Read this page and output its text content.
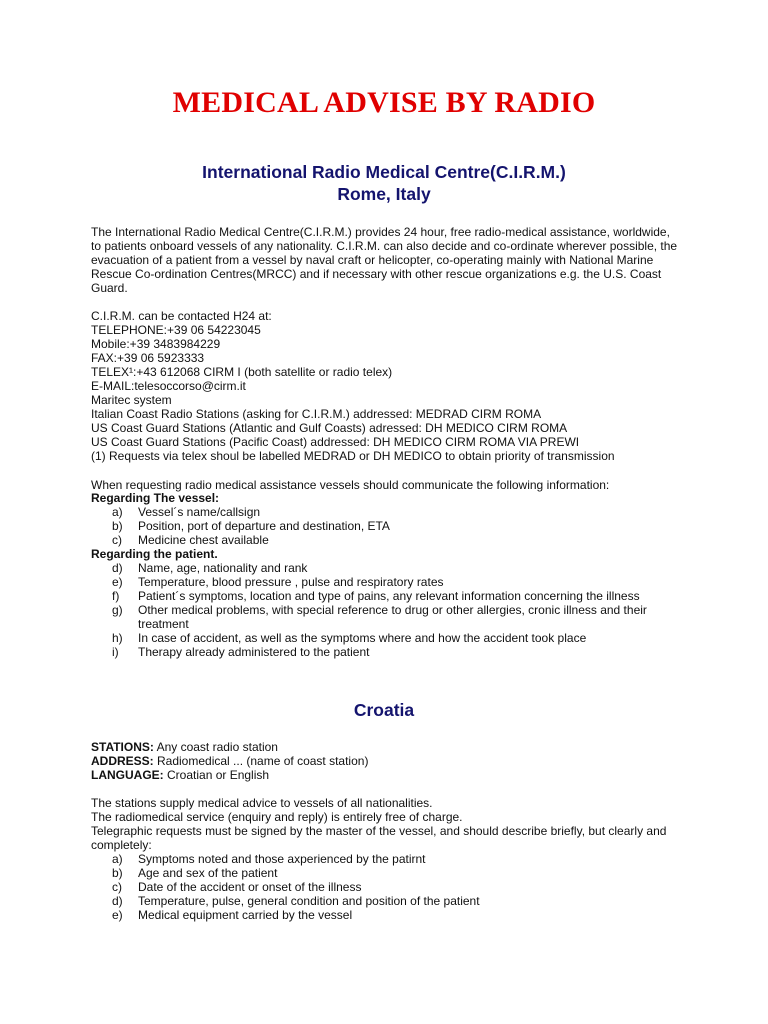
MEDICAL ADVISE BY RADIO
International Radio Medical Centre(C.I.R.M.)
Rome, Italy
The International Radio Medical Centre(C.I.R.M.) provides 24 hour, free radio-medical assistance, worldwide, to patients onboard vessels of any nationality. C.I.R.M. can also decide and co-ordinate wherever possible, the evacuation of a patient from a vessel by naval craft or helicopter, co-operating mainly with National Marine Rescue Co-ordination Centres(MRCC) and if necessary with other rescue organizations e.g. the U.S. Coast Guard.
C.I.R.M. can be contacted H24 at:
TELEPHONE:+39 06 54223045
Mobile:+39 3483984229
FAX:+39 06 5923333
TELEX¹:+43 612068 CIRM I (both satellite or radio telex)
E-MAIL:telesoccorso@cirm.it
Maritec system
Italian Coast Radio Stations (asking for C.I.R.M.) addressed: MEDRAD CIRM ROMA
US Coast Guard Stations (Atlantic and Gulf Coasts) adressed: DH MEDICO CIRM ROMA
US Coast Guard Stations (Pacific Coast) addressed: DH MEDICO CIRM ROMA VIA PREWI
(1) Requests via telex shoul be labelled MEDRAD or DH MEDICO to obtain priority of transmission
When requesting radio medical assistance vessels should communicate the following information:
Regarding The vessel:
a)	Vessel´s name/callsign
b)	Position, port of departure and destination, ETA
c)	Medicine chest available
Regarding the patient.
d)	Name, age, nationality and rank
e)	Temperature, blood pressure , pulse and respiratory rates
f)	Patient´s symptoms, location and type of pains, any relevant information concerning the illness
g)	Other medical problems, with special reference to drug or other allergies, cronic illness and their treatment
h)	In case of accident, as well as the symptoms where and how the accident took place
i)	Therapy already administered to the patient
Croatia
STATIONS: Any coast radio station
ADDRESS: Radiomedical ... (name of coast station)
LANGUAGE: Croatian or English
The stations supply medical advice to vessels of all nationalities.
The radiomedical service (enquiry and reply) is entirely free of charge.
Telegraphic requests must be signed by the master of the vessel, and should describe briefly, but clearly and completely:
a)	Symptoms noted and those axperienced by the patirnt
b)	Age and sex of the patient
c)	Date of the accident or onset of the illness
d)	Temperature, pulse, general condition and position of the patient
e)	Medical equipment carried by the vessel
